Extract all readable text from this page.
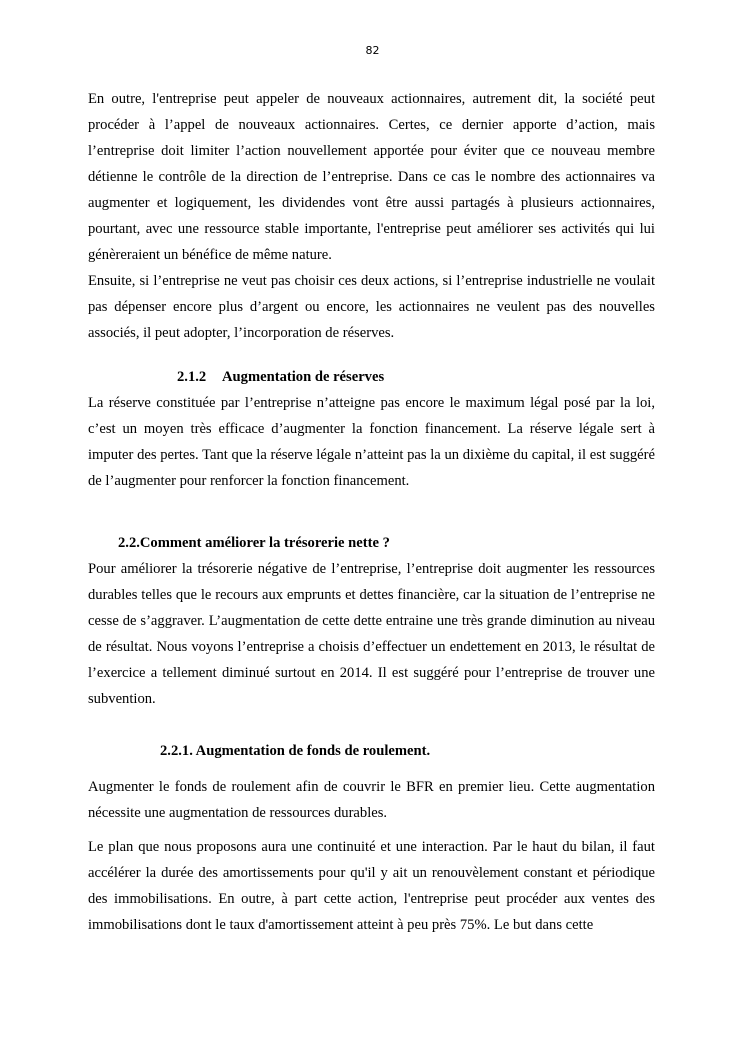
82

En outre, l'entreprise peut appeler de nouveaux actionnaires, autrement dit, la société peut procéder à l’appel de nouveaux actionnaires. Certes, ce dernier apporte d’action, mais l’entreprise doit limiter l’action nouvellement apportée pour éviter que ce nouveau membre détienne le contrôle de la direction de l’entreprise. Dans ce cas le nombre des actionnaires va augmenter et logiquement, les dividendes vont être aussi partagés à plusieurs actionnaires, pourtant, avec une ressource stable importante, l'entreprise peut améliorer ses activités qui lui génèreraient un bénéfice de même nature.

Ensuite, si l’entreprise ne veut pas choisir ces deux actions, si l’entreprise industrielle ne voulait pas dépenser encore plus d’argent ou encore, les actionnaires ne veulent pas des nouvelles associés, il peut adopter, l’incorporation de réserves.

2.1.2 Augmentation de réserves

La réserve constituée par l’entreprise n’atteigne pas encore le maximum légal posé par la loi, c’est un moyen très efficace d’augmenter la fonction financement. La réserve légale sert à imputer des pertes. Tant que la réserve légale n’atteint pas la un dixième du capital, il est suggéré de l’augmenter pour renforcer la fonction financement.

2.2.Comment améliorer la trésorerie nette ?

Pour améliorer la trésorerie négative de l’entreprise, l’entreprise doit augmenter les ressources durables telles que le recours aux emprunts et dettes financière, car la situation de l’entreprise ne cesse de s’aggraver. L’augmentation de cette dette entraine une très grande diminution au niveau de résultat. Nous voyons l’entreprise a choisis d’effectuer un endettement en 2013, le résultat de l’exercice a tellement diminué surtout en 2014. Il est suggéré pour l’entreprise de trouver une subvention.

2.2.1. Augmentation de fonds de roulement.

Augmenter le fonds de roulement afin de couvrir le BFR en premier lieu. Cette augmentation nécessite une augmentation de ressources durables.

Le plan que nous proposons aura une continuité et une interaction. Par le haut du bilan, il faut accélérer la durée des amortissements pour qu'il y ait un renouvèlement constant et périodique des immobilisations. En outre, à part cette action, l'entreprise peut procéder aux ventes des immobilisations dont le taux d'amortissement atteint à peu près 75%. Le but dans cette
